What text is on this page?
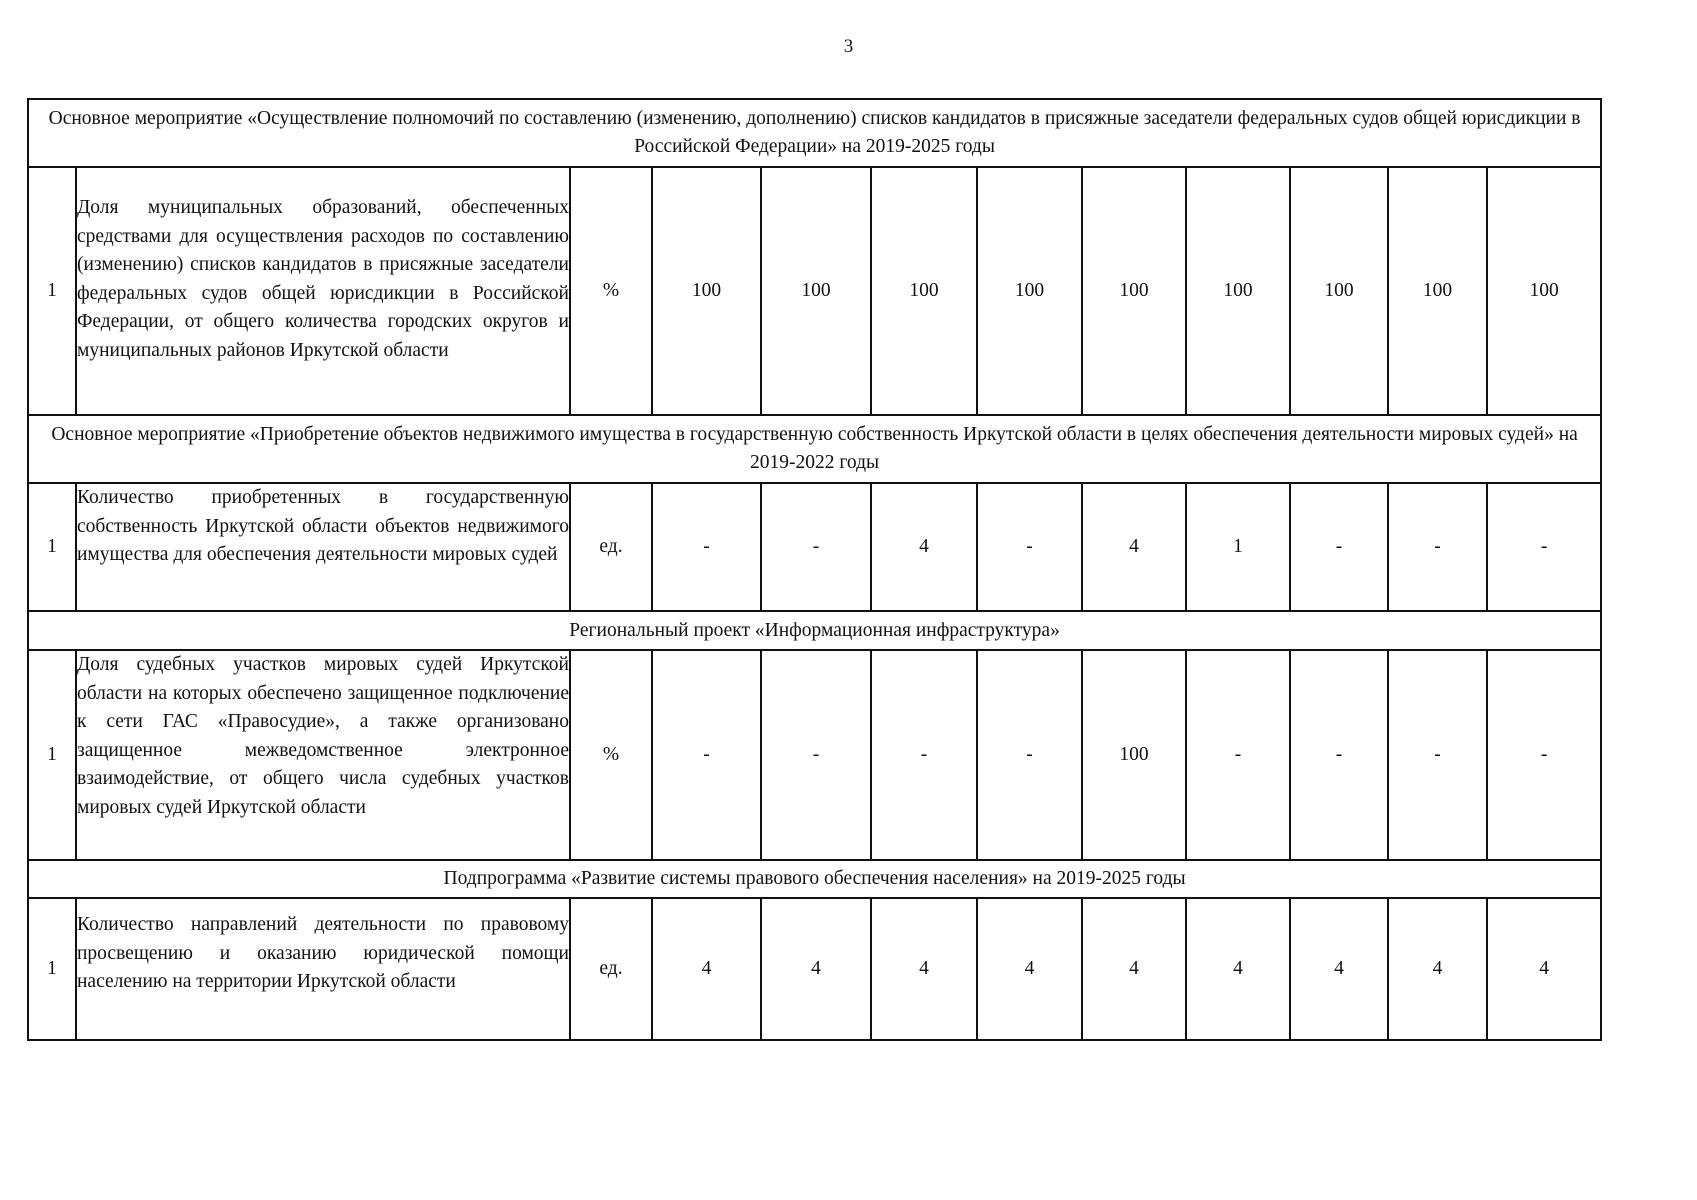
3
Основное мероприятие «Осуществление полномочий по составлению (изменению, дополнению) списков кандидатов в присяжные заседатели федеральных судов общей юрисдикции в Российской Федерации» на 2019-2025 годы											
1	Доля муниципальных образований, обеспеченных средствами для осуществления расходов по составлению (изменению) списков кандидатов в присяжные заседатели федеральных судов общей юрисдикции в Российской Федерации, от общего количества городских округов и муниципальных районов Иркутской области	%	100	100	100	100	100	100	100	100	100
Основное мероприятие «Приобретение объектов недвижимого имущества в государственную собственность Иркутской области в целях обеспечения деятельности мировых судей» на 2019-2022 годы											
1	Количество приобретенных в государственную собственность Иркутской области объектов недвижимого имущества для обеспечения деятельности мировых судей	ед.	-	-	4	-	4	1	-	-	-
Региональный проект «Информационная инфраструктура»											
1	Доля судебных участков мировых судей Иркутской области на которых обеспечено защищенное подключение к сети ГАС «Правосудие», а также организовано защищенное межведомственное электронное взаимодействие, от общего числа судебных участков мировых судей Иркутской области	%	-	-	-	-	100	-	-	-	-
Подпрограмма «Развитие системы правового обеспечения населения» на 2019-2025 годы											
1	Количество направлений деятельности по правовому просвещению и оказанию юридической помощи населению на территории Иркутской области	ед.	4	4	4	4	4	4	4	4	4
